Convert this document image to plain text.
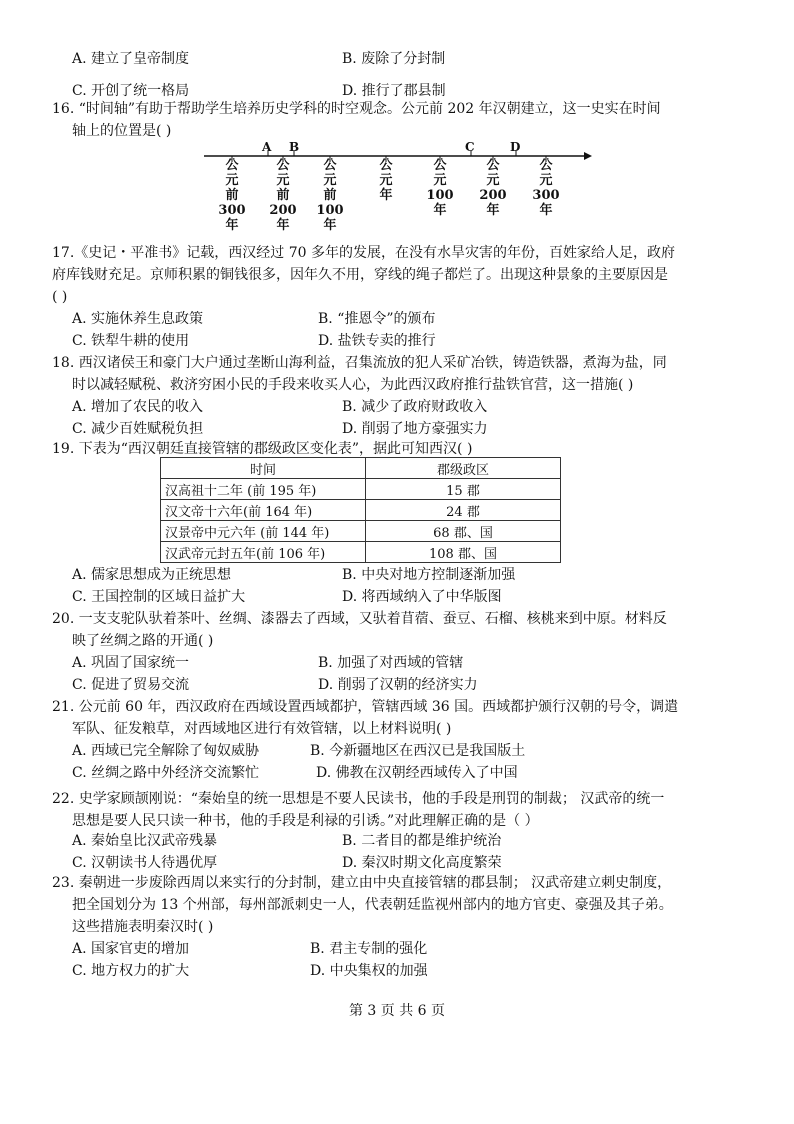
A. 建立了皇帝制度	B. 废除了分封制
C. 开创了统一格局	D. 推行了郡县制

16. “时间轴”有助于帮助学生培养历史学科的时空观念。公元前 202 年汉朝建立，这一史实在时间

轴上的位置是( )

A B	C	D
公
元
前
300
年
公
元
前
200
年
公
元
前
100
年
公
元
年
公
元
100
年
公
元
200
年
公
元
300
年

17.《史记・平准书》记载，西汉经过 70 多年的发展，在没有水旱灾害的年份，百姓家给人足，政府

府库钱财充足。京师积累的铜钱很多，因年久不用，穿线的绳子都烂了。出现这种景象的主要原因是

( )

A. 实施休养生息政策	B. “推恩令”的颁布
C. 铁犁牛耕的使用	D. 盐铁专卖的推行

18. 西汉诸侯王和豪门大户通过垄断山海利益，召集流放的犯人采矿冶铁，铸造铁器，煮海为盐，同

时以减轻赋税、救济穷困小民的手段来收买人心，为此西汉政府推行盐铁官营，这一措施( )

A. 增加了农民的收入	B. 减少了政府财政收入
C. 减少百姓赋税负担	D. 削弱了地方豪强实力

19. 下表为“西汉朝廷直接管辖的郡级政区变化表”，据此可知西汉( )

时间	郡级政区
汉高祖十二年 (前 195 年)	15 郡
汉文帝十六年(前 164 年)	24 郡
汉景帝中元六年 (前 144 年)	68 郡、国
汉武帝元封五年(前 106 年)	108 郡、国
A. 儒家思想成为正统思想	B. 中央对地方控制逐渐加强
C. 王国控制的区域日益扩大	D. 将西域纳入了中华版图

20. 一支支驼队驮着茶叶、丝绸、漆器去了西域，又驮着苜蓿、蚕豆、石榴、核桃来到中原。材料反

映了丝绸之路的开通( )

A. 巩固了国家统一	B. 加强了对西域的管辖
C. 促进了贸易交流	D. 削弱了汉朝的经济实力

21. 公元前 60 年，西汉政府在西域设置西域都护，管辖西域 36 国。西域都护颁行汉朝的号令，调遣

军队、征发粮草，对西域地区进行有效管辖，以上材料说明( )

A. 西域已完全解除了匈奴威胁	B. 今新疆地区在西汉已是我国版土
C. 丝绸之路中外经济交流繁忙	D. 佛教在汉朝经西域传入了中国

22. 史学家顾颉刚说：“秦始皇的统一思想是不要人民读书，他的手段是刑罚的制裁； 汉武帝的统一

思想是要人民只读一种书，他的手段是利禄的引诱。”对此理解正确的是（ ）

A. 秦始皇比汉武帝残暴	B. 二者目的都是维护统治
C. 汉朝读书人待遇优厚	D. 秦汉时期文化高度繁荣

23. 秦朝进一步废除西周以来实行的分封制，建立由中央直接管辖的郡县制； 汉武帝建立刺史制度，

把全国划分为 13 个州部，每州部派刺史一人，代表朝廷监视州部内的地方官吏、豪强及其子弟。

这些措施表明秦汉时( )

A. 国家官吏的增加	B. 君主专制的强化
C. 地方权力的扩大	D. 中央集权的加强
第 3 页 共 6 页
